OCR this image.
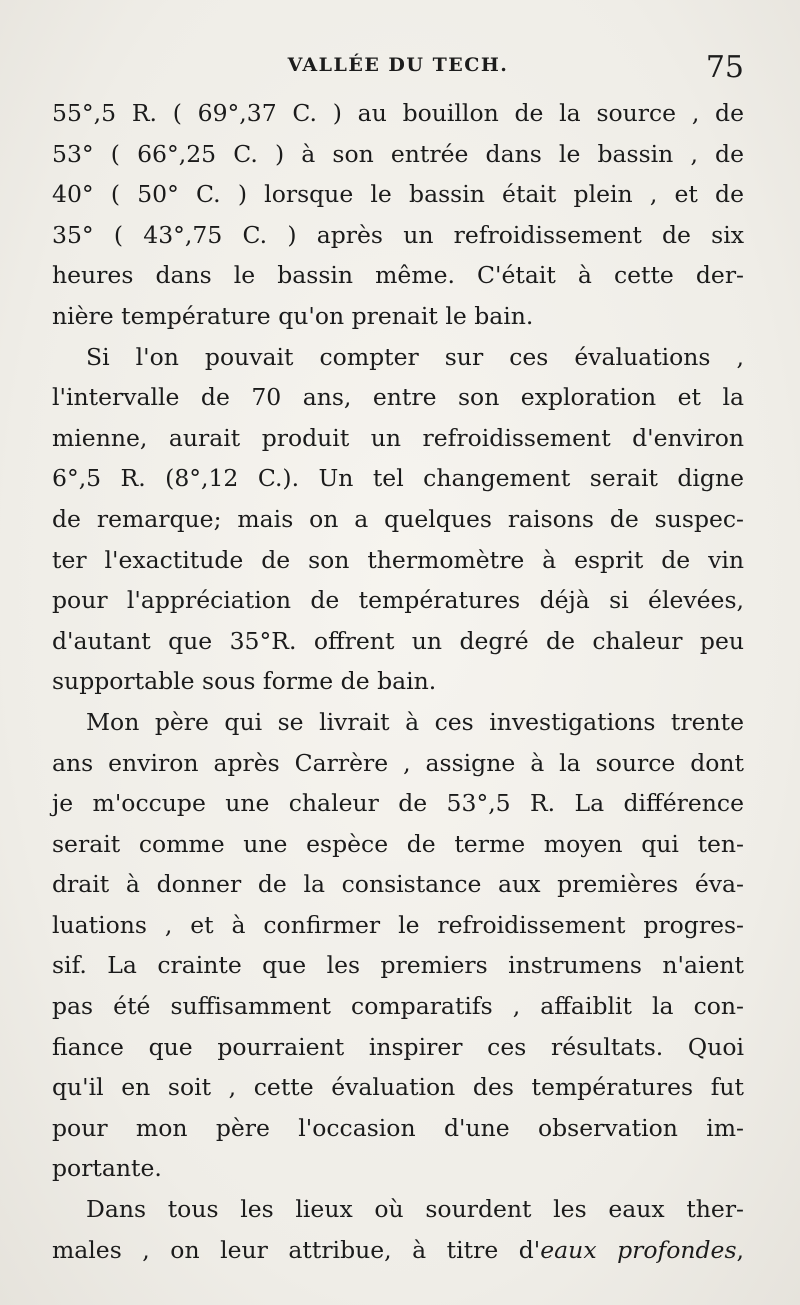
VALLÉE DU TECH.	75
55°,5 R. ( 69°,37 C. ) au bouillon de la source , de
53° ( 66°,25 C. ) à son entrée dans le bassin , de
40° ( 50° C. ) lorsque le bassin était plein , et de
35° ( 43°,75 C. ) après un refroidissement de six
heures dans le bassin même. C'était à cette der-
nière température qu'on prenait le bain.
Si l'on pouvait compter sur ces évaluations ,
l'intervalle de 70 ans, entre son exploration et la
mienne, aurait produit un refroidissement d'environ
6°,5 R. (8°,12 C.). Un tel changement serait digne
de remarque; mais on a quelques raisons de suspec-
ter l'exactitude de son thermomètre à esprit de vin
pour l'appréciation de températures déjà si élevées,
d'autant que 35°R. offrent un degré de chaleur peu
supportable sous forme de bain.
Mon père qui se livrait à ces investigations trente
ans environ après Carrère , assigne à la source dont
je m'occupe une chaleur de 53°,5 R. La différence
serait comme une espèce de terme moyen qui ten-
drait à donner de la consistance aux premières éva-
luations , et à confirmer le refroidissement progres-
sif. La crainte que les premiers instrumens n'aient
pas été suffisamment comparatifs , affaiblit la con-
fiance que pourraient inspirer ces résultats. Quoi
qu'il en soit , cette évaluation des températures fut
pour mon père l'occasion d'une observation im-
portante.
Dans tous les lieux où sourdent les eaux ther-
males , on leur attribue, à titre d'eaux profondes,
